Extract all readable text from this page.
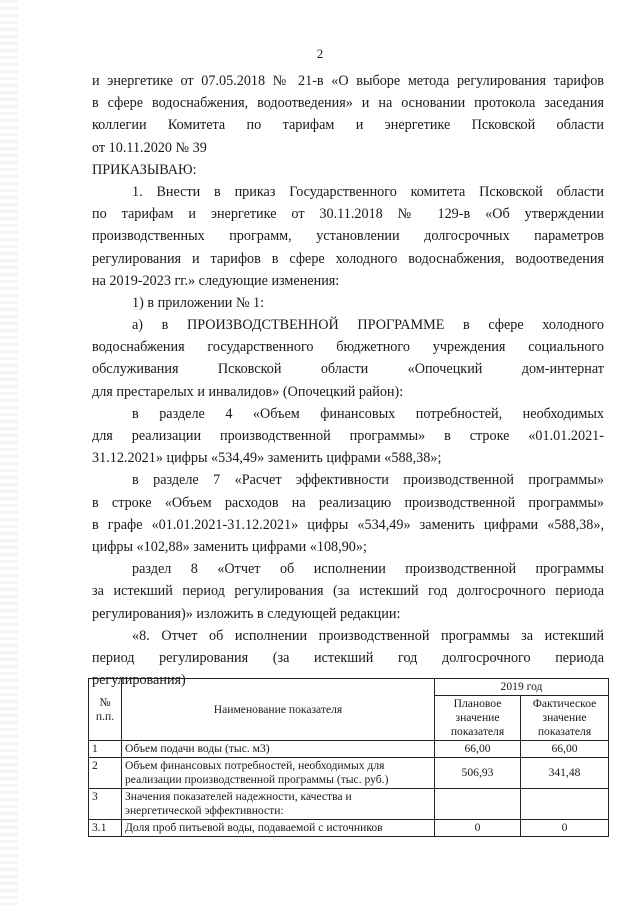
2
и энергетике от 07.05.2018 № 21-в «О выборе метода регулирования тарифов
в сфере водоснабжения, водоотведения» и на основании протокола заседания
коллегии Комитета по тарифам и энергетике Псковской области
от 10.11.2020 № 39
ПРИКАЗЫВАЮ:
1. Внести в приказ Государственного комитета Псковской области
по тарифам и энергетике от 30.11.2018 № 129-в «Об утверждении
производственных программ, установлении долгосрочных параметров
регулирования и тарифов в сфере холодного водоснабжения, водоотведения
на 2019-2023 гг.» следующие изменения:
1) в приложении № 1:
а) в ПРОИЗВОДСТВЕННОЙ ПРОГРАММЕ в сфере холодного
водоснабжения государственного бюджетного учреждения социального
обслуживания Псковской области «Опочецкий дом-интернат
для престарелых и инвалидов» (Опочецкий район):
в разделе 4 «Объем финансовых потребностей, необходимых
для реализации производственной программы» в строке «01.01.2021-
31.12.2021» цифры «534,49» заменить цифрами «588,38»;
в разделе 7 «Расчет эффективности производственной программы»
в строке «Объем расходов на реализацию производственной программы»
в графе «01.01.2021-31.12.2021» цифры «534,49» заменить цифрами «588,38»,
цифры «102,88» заменить цифрами «108,90»;
раздел 8 «Отчет об исполнении производственной программы
за истекший период регулирования (за истекший год долгосрочного периода
регулирования)» изложить в следующей редакции:
«8. Отчет об исполнении производственной программы за истекший
период регулирования (за истекший год долгосрочного периода
регулирования)
№ п.п.	Наименование показателя	2019 год	
		Плановое значение показателя	Фактическое значение показателя
1	Объем подачи воды (тыс. м3)	66,00	66,00
2	Объем финансовых потребностей, необходимых для реализации производственной программы (тыс. руб.)	506,93	341,48
3	Значения показателей надежности, качества и энергетической эффективности:		
3.1	Доля проб питьевой воды, подаваемой с источников	0	0
